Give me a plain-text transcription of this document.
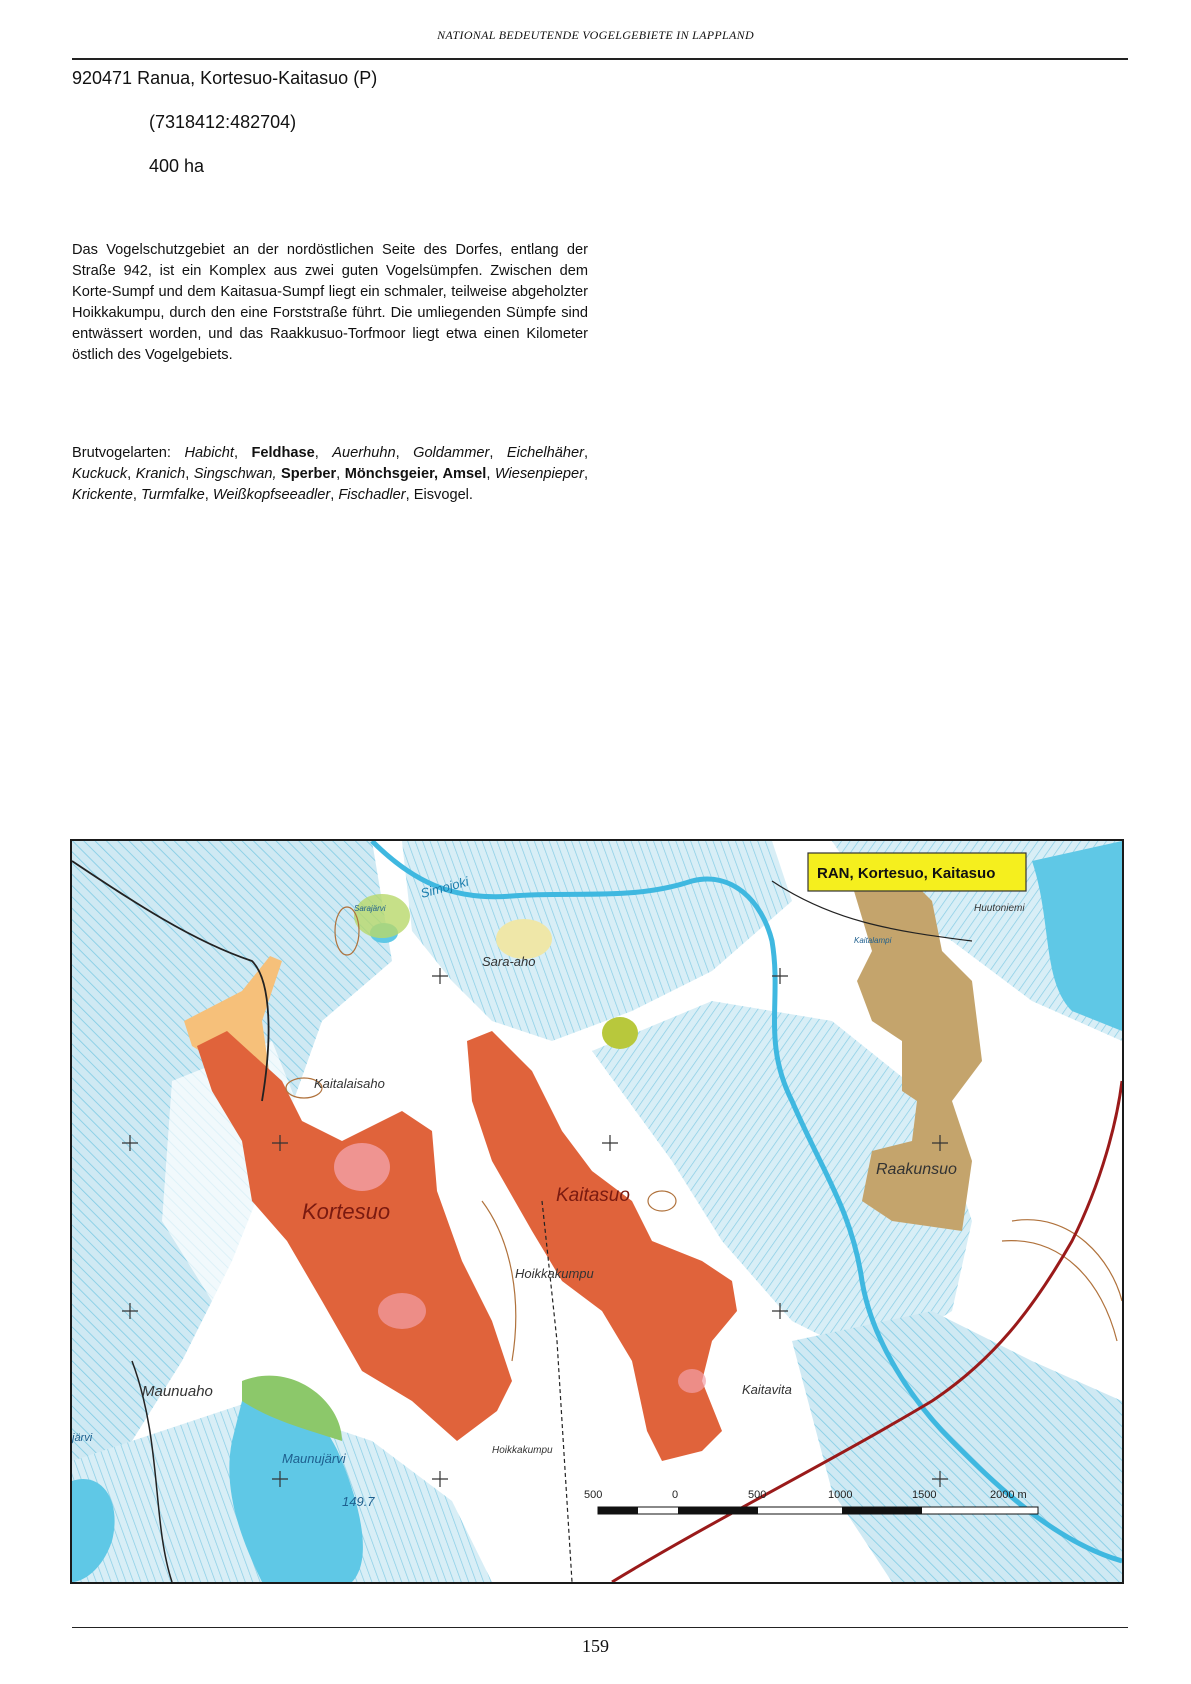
NATIONAL BEDEUTENDE VOGELGEBIETE IN LAPPLAND
920471 Ranua, Kortesuo-Kaitasuo (P)
(7318412:482704)
400 ha
Das Vogelschutzgebiet an der nordöstlichen Seite des Dorfes, entlang der Straße 942, ist ein Komplex aus zwei guten Vogelsümpfen. Zwischen dem Korte-Sumpf und dem Kaitasua-Sumpf liegt ein schmaler, teilweise abgeholzter Hoikkakumpu, durch den eine Forststraße führt. Die umliegenden Sümpfe sind entwässert worden, und das Raakkusuo-Torfmoor liegt etwa einen Kilometer östlich des Vogelgebiets.
Brutvogelarten: Habicht, Feldhase, Auerhuhn, Goldammer, Eichelhäher, Kuckuck, Kranich, Singschwan, Sperber, Mönchsgeier, Amsel, Wiesenpieper, Krickente, Turmfalke, Weißkopfseeadler, Fischadler, Eisvogel.
Kortesuo
Kaitasuo
Hoikkakumpu
Kaitalaisaho
Sara-aho
Simojoki
Raakunsuo
Maunuaho
Maunujärvi
Kaitavita
Hoikkakumpu
Huutoniemi
Sarajärvi
Kaitalampi
149.7
järvi
RAN, Kortesuo, Kaitasuo
500	0	500	1000	1500	2000 m
159
